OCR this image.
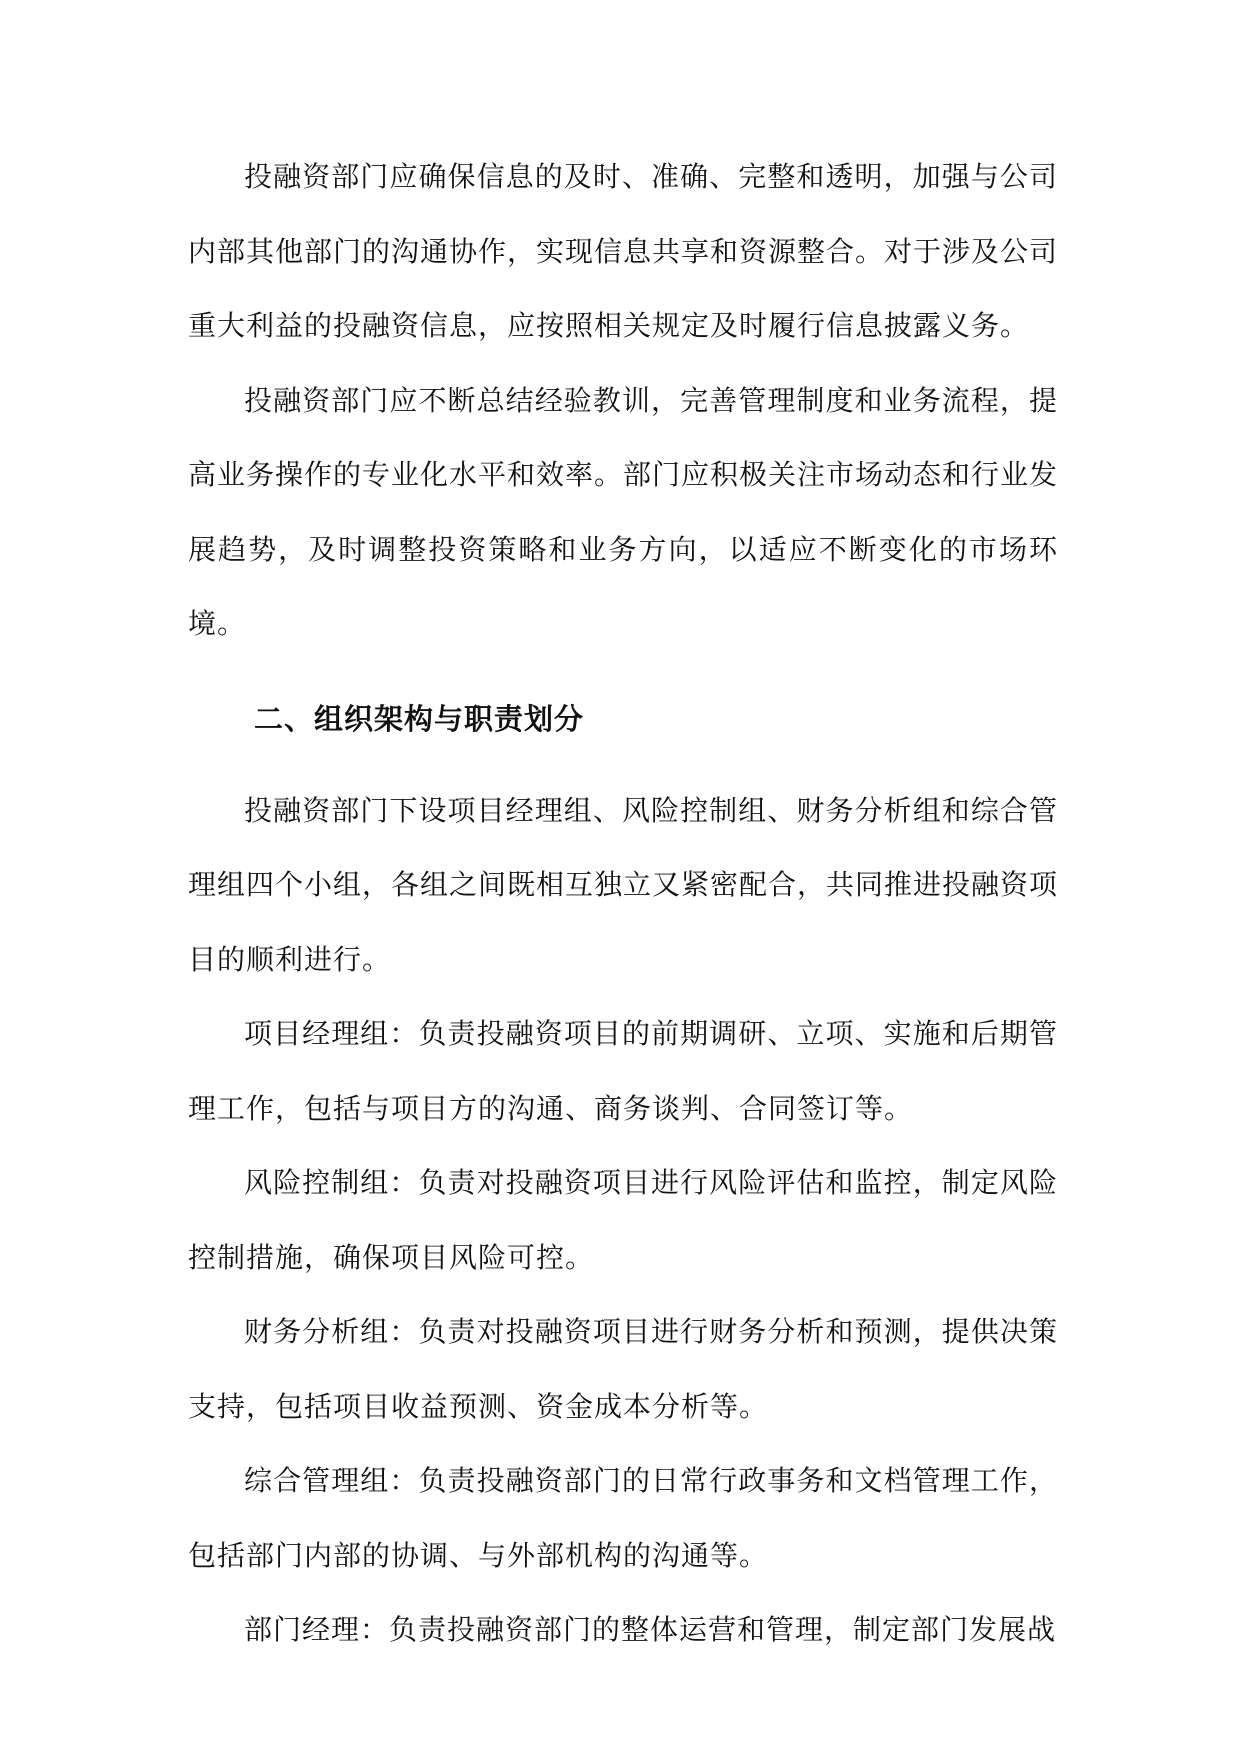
投融资部门应确保信息的及时、准确、完整和透明，加强与公司内部其他部门的沟通协作，实现信息共享和资源整合。对于涉及公司重大利益的投融资信息，应按照相关规定及时履行信息披露义务。

投融资部门应不断总结经验教训，完善管理制度和业务流程，提高业务操作的专业化水平和效率。部门应积极关注市场动态和行业发展趋势，及时调整投资策略和业务方向，以适应不断变化的市场环境。

二、组织架构与职责划分

投融资部门下设项目经理组、风险控制组、财务分析组和综合管理组四个小组，各组之间既相互独立又紧密配合，共同推进投融资项目的顺利进行。

项目经理组：负责投融资项目的前期调研、立项、实施和后期管理工作，包括与项目方的沟通、商务谈判、合同签订等。

风险控制组：负责对投融资项目进行风险评估和监控，制定风险控制措施，确保项目风险可控。

财务分析组：负责对投融资项目进行财务分析和预测，提供决策支持，包括项目收益预测、资金成本分析等。

综合管理组：负责投融资部门的日常行政事务和文档管理工作，包括部门内部的协调、与外部机构的沟通等。

部门经理：负责投融资部门的整体运营和管理，制定部门发展战
